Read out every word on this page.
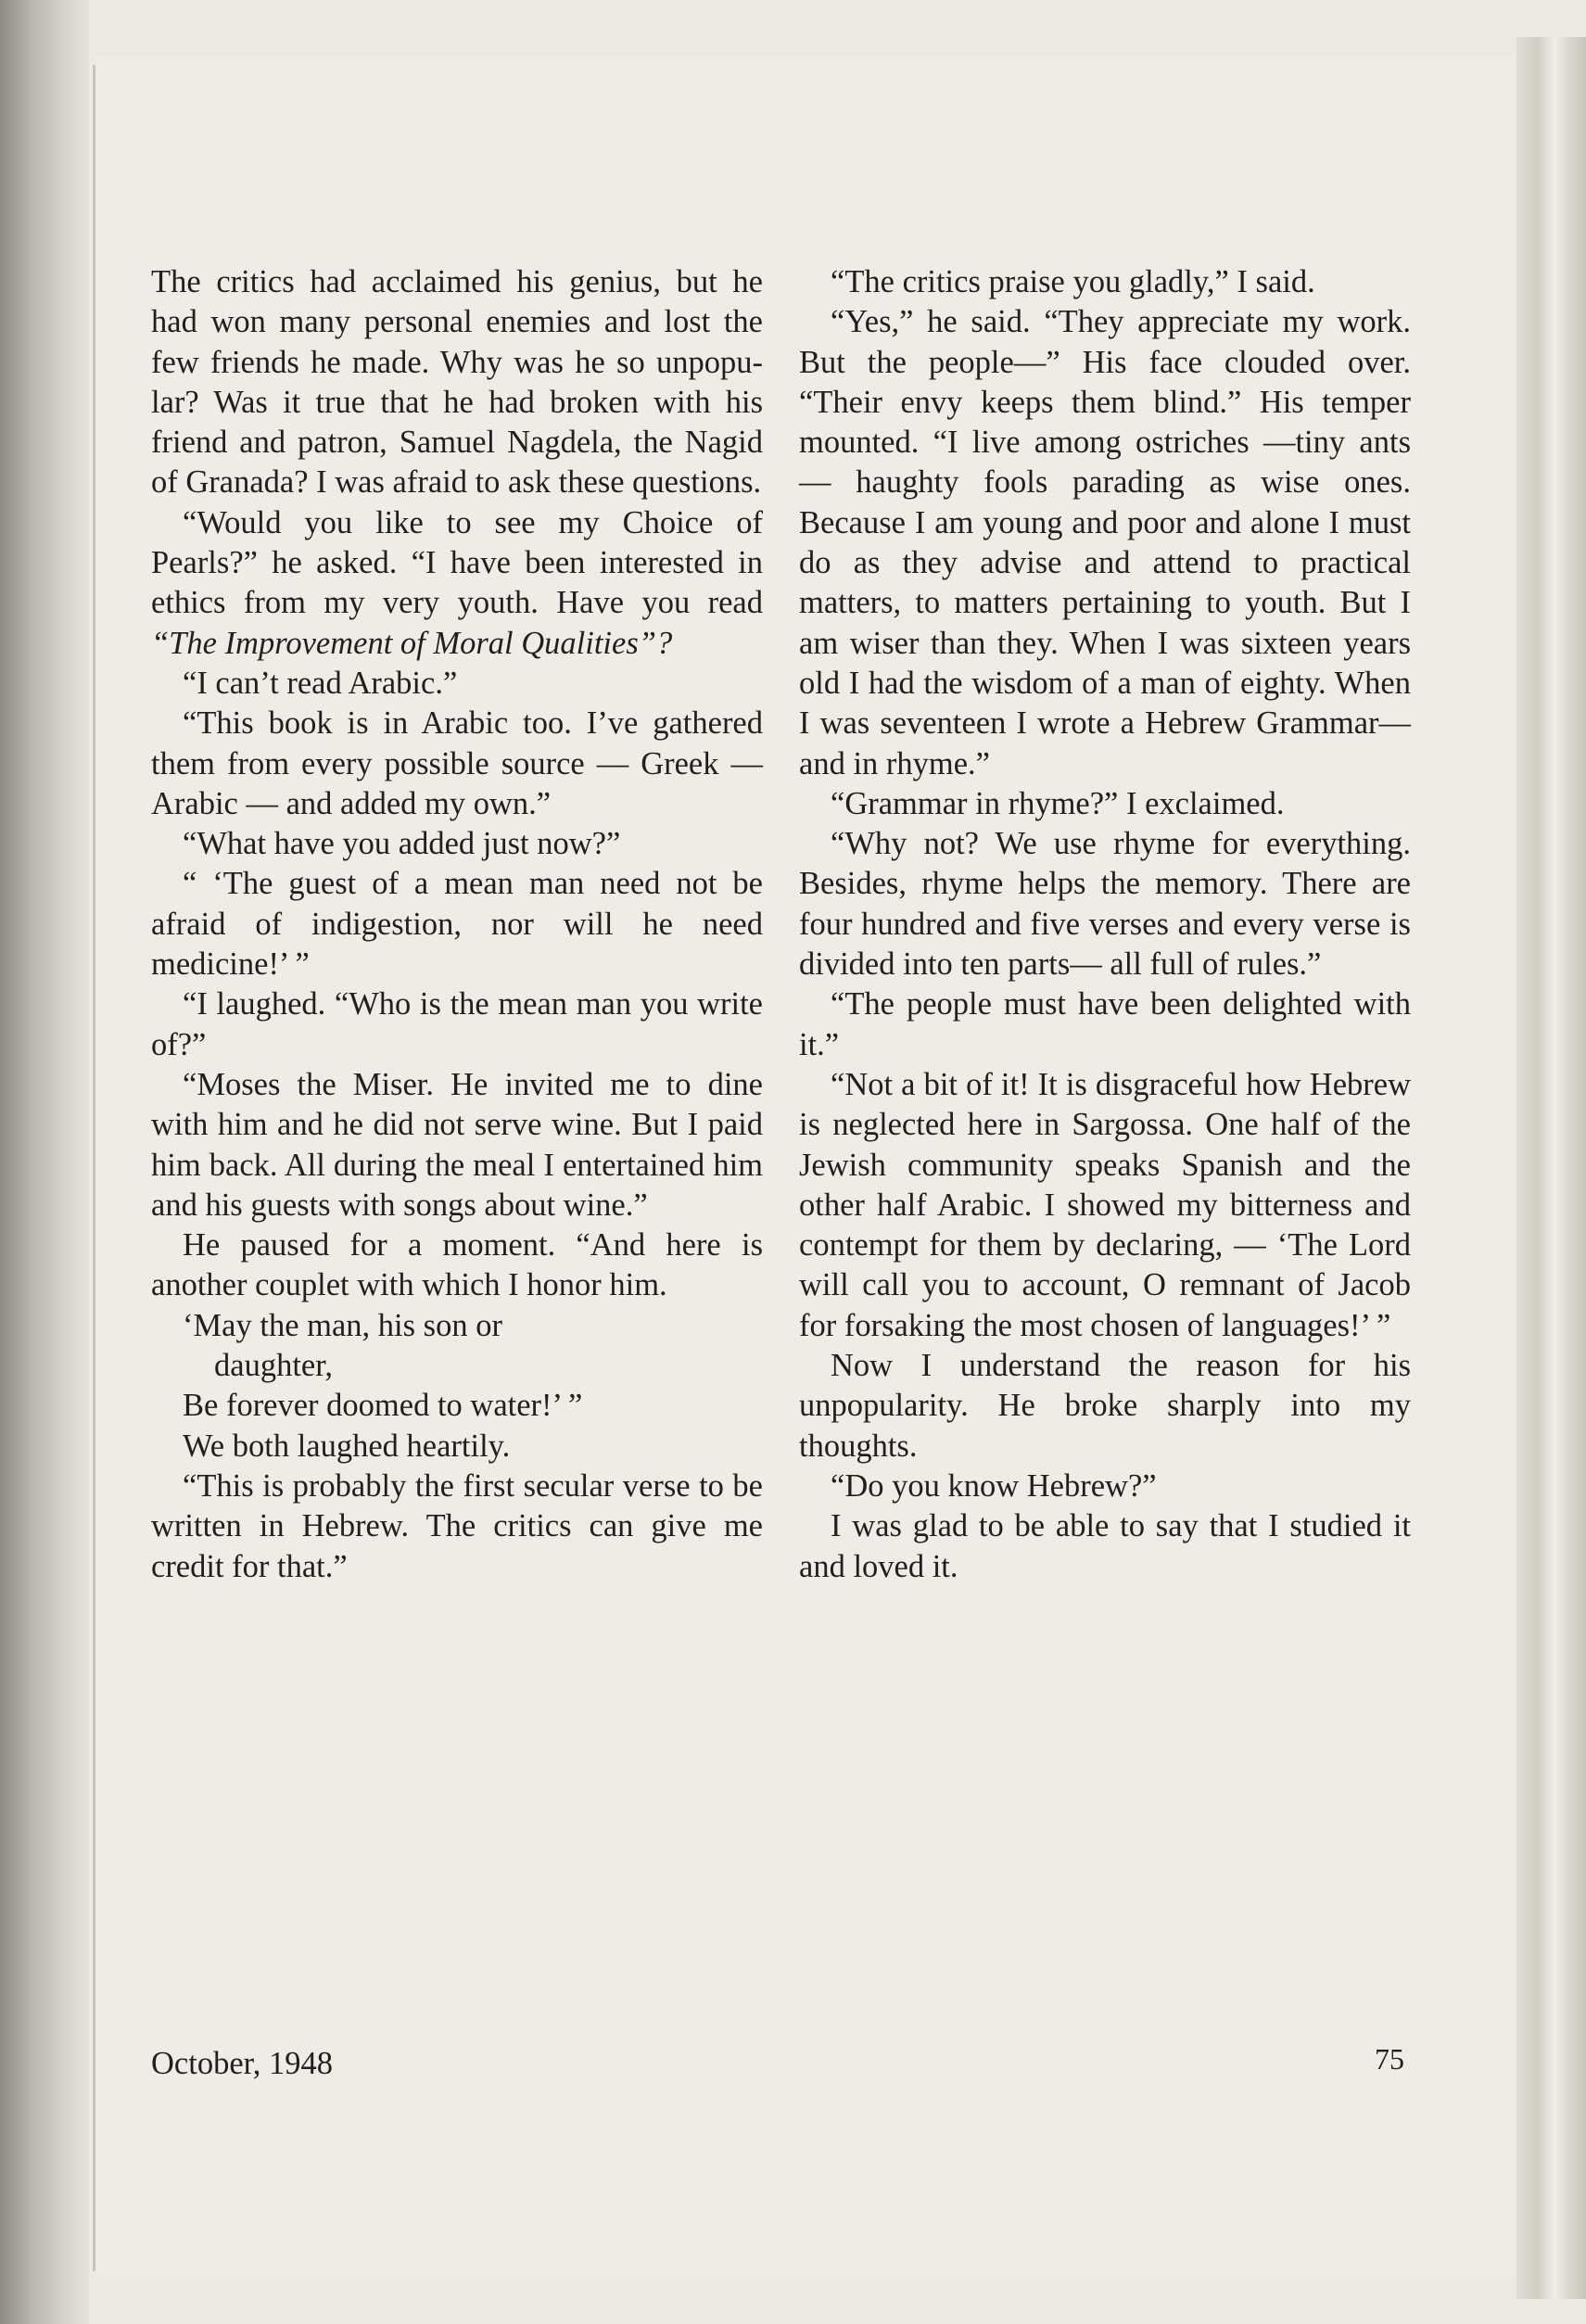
The critics had acclaimed his genius, but he had won many personal enemies and lost the few friends he made. Why was he so unpopular? Was it true that he had broken with his friend and patron, Samuel Nagdela, the Nagid of Granada? I was afraid to ask these questions.

“Would you like to see my Choice of Pearls?” he asked. “I have been interested in ethics from my very youth. Have you read “The Improvement of Moral Qualities”?

“I can’t read Arabic.”

“This book is in Arabic too. I’ve gathered them from every possible source — Greek — Arabic — and added my own.”

“What have you added just now?”

“ ‘The guest of a mean man need not be afraid of indigestion, nor will he need medicine!’ ”

“I laughed. “Who is the mean man you write of?”

“Moses the Miser. He invited me to dine with him and he did not serve wine. But I paid him back. All during the meal I entertained him and his guests with songs about wine.”

He paused for a moment. “And here is another couplet with which I honor him.

‘May the man, his son or
daughter,
Be forever doomed to water!’ ”

We both laughed heartily.

“This is probably the first secular verse to be written in Hebrew. The critics can give me credit for that.”

“The critics praise you gladly,” I said.

“Yes,” he said. “They appreciate my work. But the people—” His face clouded over. “Their envy keeps them blind.” His temper mounted. “I live among ostriches —tiny ants — haughty fools parading as wise ones. Because I am young and poor and alone I must do as they advise and attend to practical matters, to matters pertaining to youth. But I am wiser than they. When I was sixteen years old I had the wisdom of a man of eighty. When I was seventeen I wrote a Hebrew Grammar—and in rhyme.”

“Grammar in rhyme?” I exclaimed.

“Why not? We use rhyme for everything. Besides, rhyme helps the memory. There are four hundred and five verses and every verse is divided into ten parts— all full of rules.”

“The people must have been delighted with it.”

“Not a bit of it! It is disgraceful how Hebrew is neglected here in Sargossa. One half of the Jewish community speaks Spanish and the other half Arabic. I showed my bitterness and contempt for them by declaring, — ‘The Lord will call you to account, O remnant of Jacob for forsaking the most chosen of languages!’ ”

Now I understand the reason for his unpopularity. He broke sharply into my thoughts.

“Do you know Hebrew?”

I was glad to be able to say that I studied it and loved it.

October, 1948	75
